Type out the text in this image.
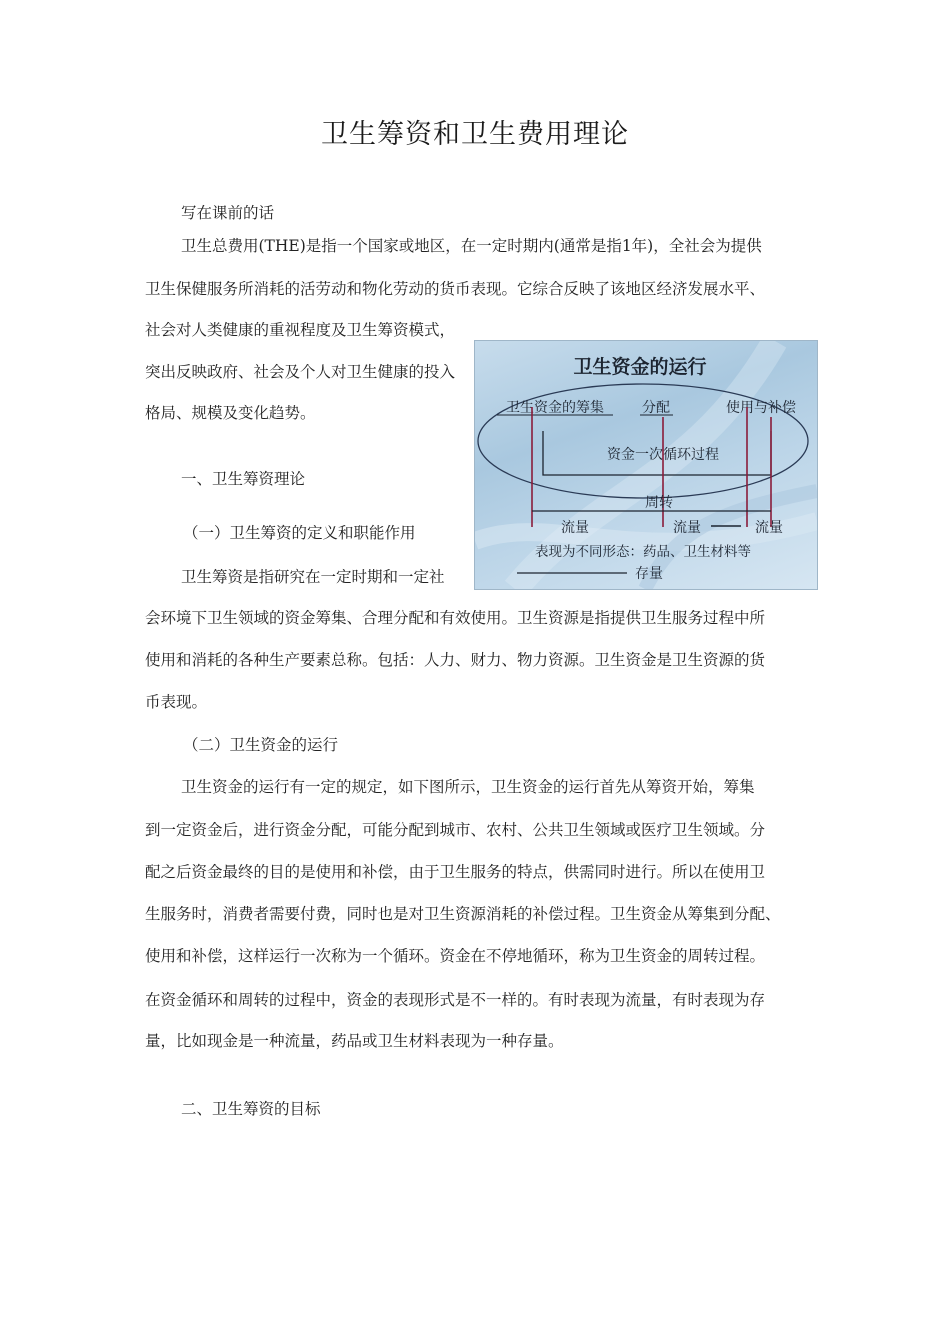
卫生筹资和卫生费用理论
写在课前的话
卫生总费用(THE)是指一个国家或地区，在一定时期内(通常是指1年)，全社会为提供
卫生保健服务所消耗的活劳动和物化劳动的货币表现。它综合反映了该地区经济发展水平、
社会对人类健康的重视程度及卫生筹资模式，
突出反映政府、社会及个人对卫生健康的投入
格局、规模及变化趋势。
一、卫生筹资理论
（一）卫生筹资的定义和职能作用
卫生筹资是指研究在一定时期和一定社
会环境下卫生领域的资金筹集、合理分配和有效使用。卫生资源是指提供卫生服务过程中所
使用和消耗的各种生产要素总称。包括：人力、财力、物力资源。卫生资金是卫生资源的货
币表现。
（二）卫生资金的运行
卫生资金的运行有一定的规定，如下图所示，卫生资金的运行首先从筹资开始，筹集
到一定资金后，进行资金分配，可能分配到城市、农村、公共卫生领域或医疗卫生领域。分
配之后资金最终的目的是使用和补偿，由于卫生服务的特点，供需同时进行。所以在使用卫
生服务时，消费者需要付费，同时也是对卫生资源消耗的补偿过程。卫生资金从筹集到分配、
使用和补偿，这样运行一次称为一个循环。资金在不停地循环，称为卫生资金的周转过程。
在资金循环和周转的过程中，资金的表现形式是不一样的。有时表现为流量，有时表现为存
量，比如现金是一种流量，药品或卫生材料表现为一种存量。
二、卫生筹资的目标
卫生资金的运行
卫生资金的筹集	分配	使用与补偿
资金一次循环过程
周转
流量	流量	流量
表现为不同形态：药品、卫生材料等
存量
